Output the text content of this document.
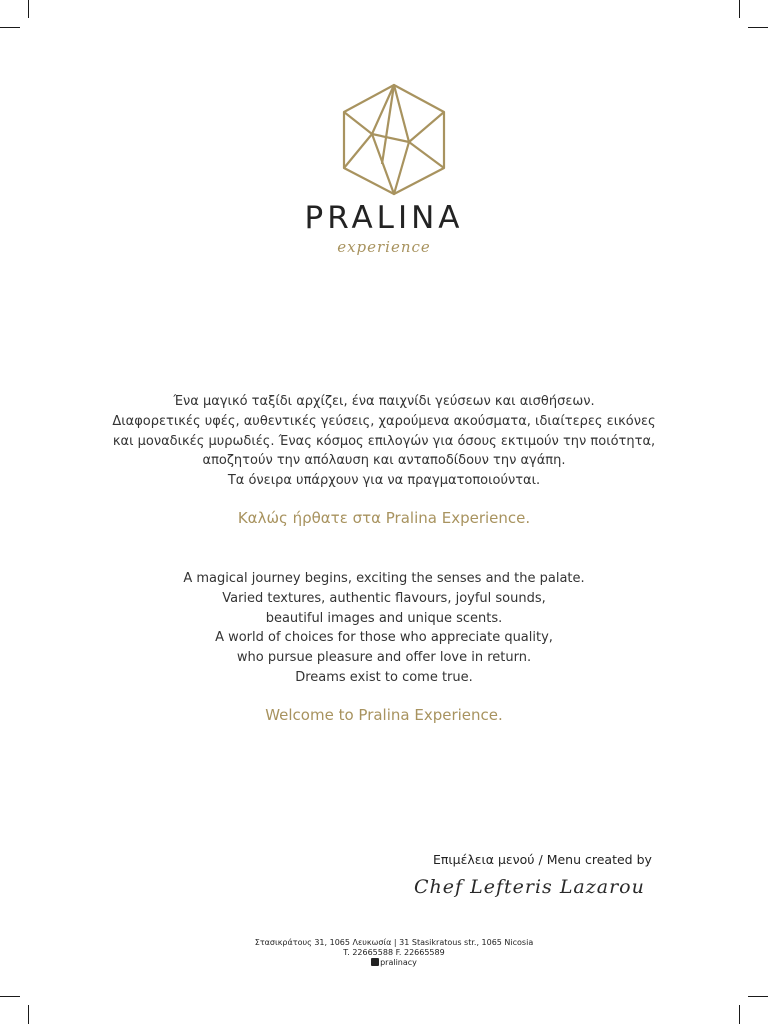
PRALINA
experience
Ένα μαγικό ταξίδι αρχίζει, ένα παιχνίδι γεύσεων και αισθήσεων.
Διαφορετικές υφές, αυθεντικές γεύσεις, χαρούμενα ακούσματα, ιδιαίτερες εικόνες
και μοναδικές μυρωδιές. Ένας κόσμος επιλογών για όσους εκτιμούν την ποιότητα,
αποζητούν την απόλαυση και ανταποδίδουν την αγάπη.
Τα όνειρα υπάρχουν για να πραγματοποιούνται.
Καλώς ήρθατε στα Pralina Experience.
A magical journey begins, exciting the senses and the palate.
Varied textures, authentic flavours, joyful sounds,
beautiful images and unique scents.
A world of choices for those who appreciate quality,
who pursue pleasure and offer love in return.
Dreams exist to come true.
Welcome to Pralina Experience.
Επιμέλεια μενού / Menu created by
Chef Lefteris Lazarou
Στασικράτους 31, 1065 Λευκωσία | 31 Stasikratous str., 1065 Nicosia
T. 22665588 F. 22665589
pralinacy
